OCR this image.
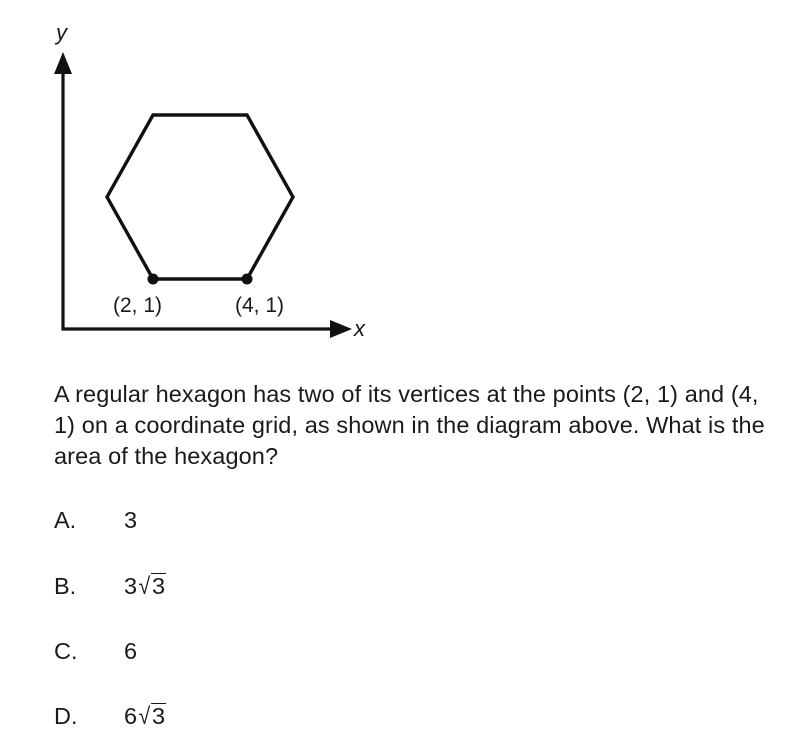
y
x
(2, 1)	(4, 1)

A regular hexagon has two of its vertices at the points (2, 1) and (4, 1) on a coordinate grid, as shown in the diagram above. What is the area of the hexagon?

A. 3
B. 3√3
C. 6
D. 6√3
